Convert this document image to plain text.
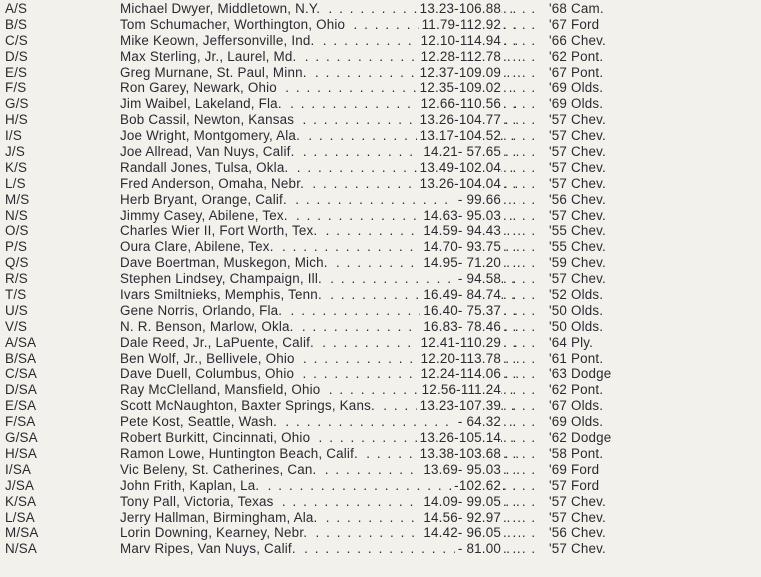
A/S	Michael Dwyer, Middletown, N.Y. . . .	13.23-106.88 . . . . '68 Cam.
B/S	Tom Schumacher, Worthington, Ohio . . .	11.79-112.92 . . . . '67 Ford
C/S	Mike Keown, Jeffersonville, Ind. . . .	12.10-114.94 . . . . '66 Chev.
D/S	Max Sterling, Jr., Laurel, Md. . . .	12.28-112.78 . . . . '62 Pont.
E/S	Greg Murnane, St. Paul, Minn. . . .	12.37-109.09 . . . . '67 Pont.
F/S	Ron Garey, Newark, Ohio . . .	12.35-109.02 . . . . '69 Olds.
G/S	Jim Waibel, Lakeland, Fla. . . .	12.66-110.56 . . . . '69 Olds.
H/S	Bob Cassil, Newton, Kansas . . .	13.26-104.77 . . . . '57 Chev.
I/S	Joe Wright, Montgomery, Ala. . . .	13.17-104.52 . . . . '57 Chev.
J/S	Joe Allread, Van Nuys, Calif. . . .	14.21- 57.65 . . . . '57 Chev.
K/S	Randall Jones, Tulsa, Okla. . . .	13.49-102.04 . . . . '57 Chev.
L/S	Fred Anderson, Omaha, Nebr. . . .	13.26-104.04 . . . . '57 Chev.
M/S	Herb Bryant, Orange, Calif. . . .	- 99.66 . . . . '56 Chev.
N/S	Jimmy Casey, Abilene, Tex. . . .	14.63- 95.03 . . . . '57 Chev.
O/S	Charles Wier II, Fort Worth, Tex. . . .	14.59- 94.43 . . . . '55 Chev.
P/S	Oura Clare, Abilene, Tex. . . .	14.70- 93.75 . . . . '55 Chev.
Q/S	Dave Boertman, Muskegon, Mich. . . .	14.95- 71.20 . . . . '59 Chev.
R/S	Stephen Lindsey, Champaign, Ill. . . .	- 94.58 . . . . '57 Chev.
T/S	Ivars Smiltnieks, Memphis, Tenn. . . .	16.49- 84.74 . . . . '52 Olds.
U/S	Gene Norris, Orlando, Fla. . . .	16.40- 75.37 . . . . '50 Olds.
V/S	N. R. Benson, Marlow, Okla. . . .	16.83- 78.46 . . . . '50 Olds.
A/SA	Dale Reed, Jr., LaPuente, Calif. . . .	12.41-110.29 . . . . '64 Ply.
B/SA	Ben Wolf, Jr., Bellivele, Ohio . . .	12.20-113.78 . . . . '61 Pont.
C/SA	Dave Duell, Columbus, Ohio . . .	12.24-114.06 . . . . '63 Dodge
D/SA	Ray McClelland, Mansfield, Ohio . . .	12.56-111.24 . . . . '62 Pont.
E/SA	Scott McNaughton, Baxter Springs, Kans. . . .	13.23-107.39 . . . . '67 Olds.
F/SA	Pete Kost, Seattle, Wash. . . .	- 64.32 . . . . '69 Olds.
G/SA	Robert Burkitt, Cincinnati, Ohio . . .	13.26-105.14 . . . . '62 Dodge
H/SA	Ramon Lowe, Huntington Beach, Calif. . . .	13.38-103.68 . . . . '58 Pont.
I/SA	Vic Beleny, St. Catherines, Can. . . .	13.69- 95.03 . . . . '69 Ford
J/SA	John Frith, Kaplan, La. . . .	-102.62 . . . . '57 Ford
K/SA	Tony Pall, Victoria, Texas . . .	14.09- 99.05 . . . . '57 Chev.
L/SA	Jerry Hallman, Birmingham, Ala. . . .	14.56- 92.97 . . . . '57 Chev.
M/SA	Lorin Downing, Kearney, Nebr. . . .	14.42- 96.05 . . . . '56 Chev.
N/SA	Marv Ripes, Van Nuys, Calif. . . .	- 81.00 . . . . '57 Chev.
